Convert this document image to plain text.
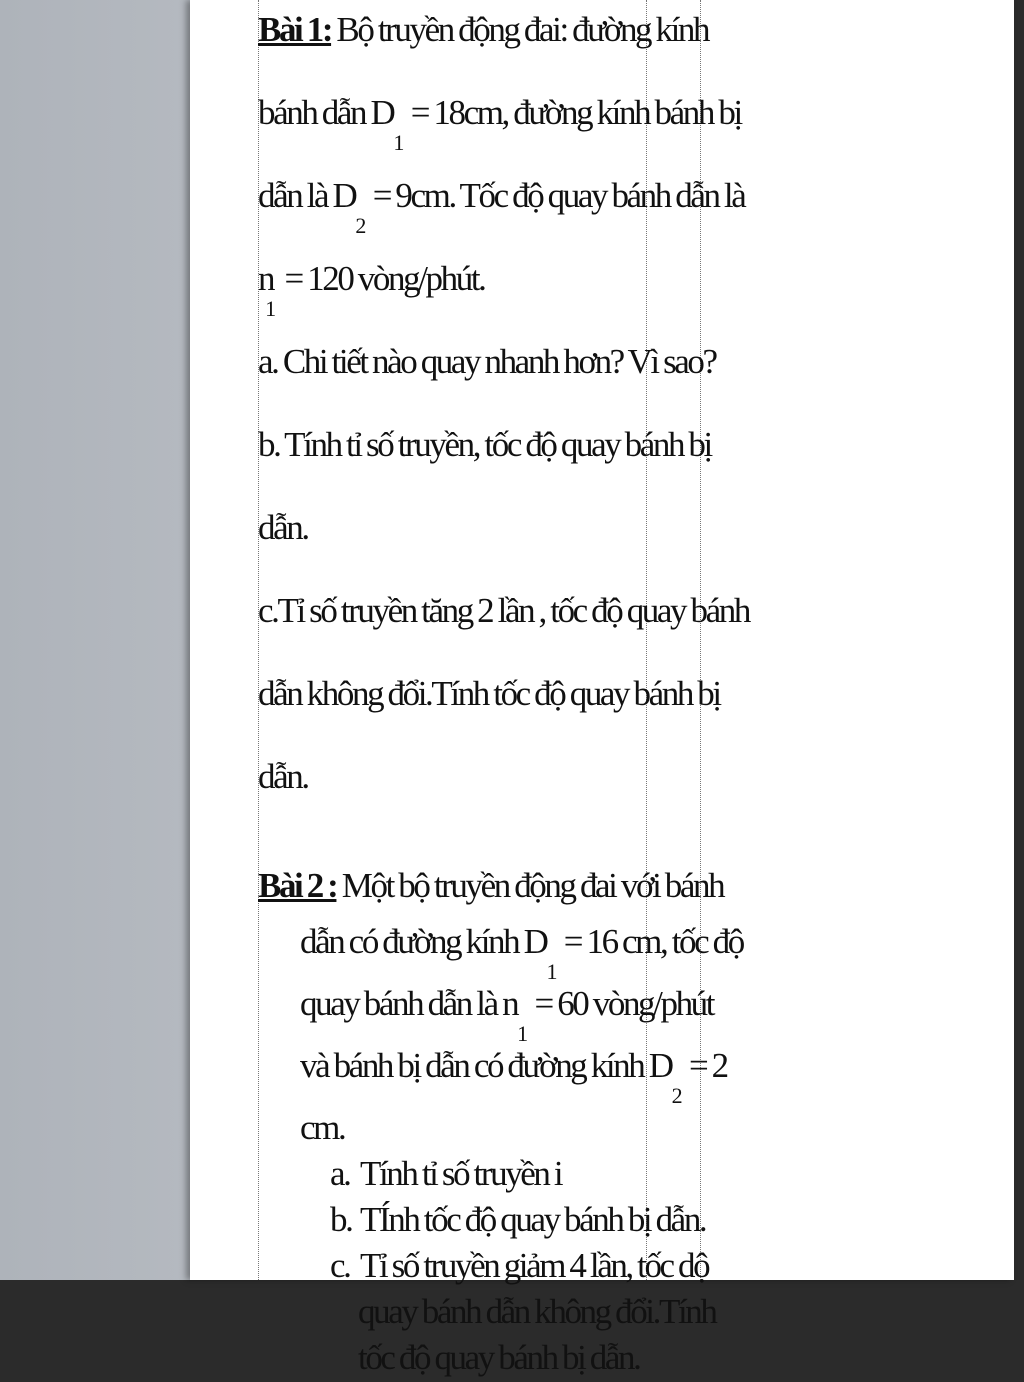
Bài 1: Bộ truyền động đai: đường kính
bánh dẫn D1 = 18cm, đường kính bánh bị
dẫn là D2 = 9cm. Tốc độ quay bánh dẫn là
n1 = 120 vòng/phút.
a. Chi tiết nào quay nhanh hơn? Vì sao?
b. Tính tỉ số truyền, tốc độ quay bánh bị
dẫn.
c.Tỉ số truyền tăng 2 lần , tốc độ quay bánh
dẫn không đổi.Tính tốc độ quay bánh bị
dẫn.
Bài 2 : Một bộ truyền động đai với bánh
dẫn có đường kính D1 = 16 cm, tốc độ
quay bánh dẫn là n1 = 60 vòng/phút
và bánh bị dẫn có đường kính D2 = 2
cm.
a. Tính tỉ số truyền i
b. TÍnh tốc độ quay bánh bị dẫn.
c. Tỉ số truyền giảm 4 lần, tốc dộ
quay bánh dẫn không đổi.Tính
tốc độ quay bánh bị dẫn.
